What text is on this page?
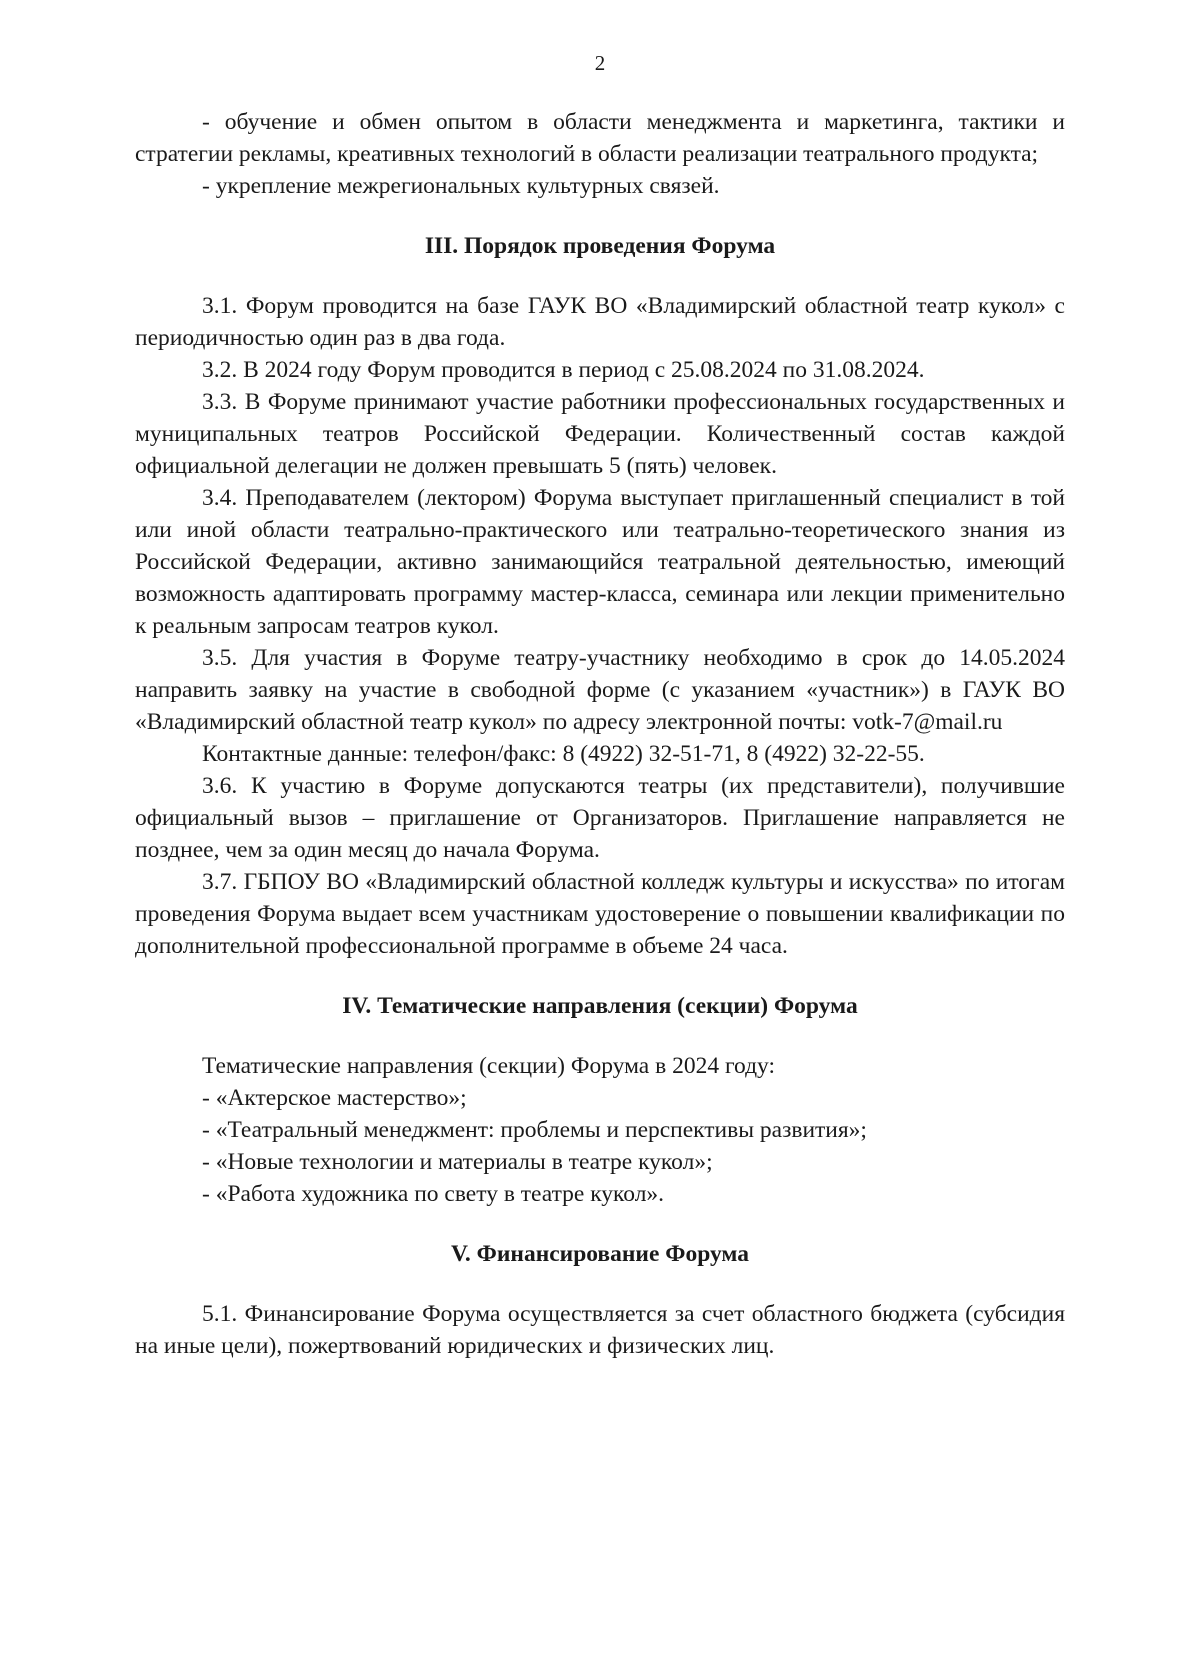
2

- обучение и обмен опытом в области менеджмента и маркетинга, тактики и стратегии рекламы, креативных технологий в области реализации театрального продукта;

- укрепление межрегиональных культурных связей.

III. Порядок проведения Форума

3.1. Форум проводится на базе ГАУК ВО «Владимирский областной театр кукол» с периодичностью один раз в два года.

3.2. В 2024 году Форум проводится в период с 25.08.2024 по 31.08.2024.

3.3. В Форуме принимают участие работники профессиональных государственных и муниципальных театров Российской Федерации. Количественный состав каждой официальной делегации не должен превышать 5 (пять) человек.

3.4. Преподавателем (лектором) Форума выступает приглашенный специалист в той или иной области театрально-практического или театрально-теоретического знания из Российской Федерации, активно занимающийся театральной деятельностью, имеющий возможность адаптировать программу мастер-класса, семинара или лекции применительно к реальным запросам театров кукол.

3.5. Для участия в Форуме театру-участнику необходимо в срок до 14.05.2024 направить заявку на участие в свободной форме (с указанием «участник») в ГАУК ВО «Владимирский областной театр кукол» по адресу электронной почты: votk-7@mail.ru

Контактные данные: телефон/факс: 8 (4922) 32-51-71, 8 (4922) 32-22-55.

3.6. К участию в Форуме допускаются театры (их представители), получившие официальный вызов – приглашение от Организаторов. Приглашение направляется не позднее, чем за один месяц до начала Форума.

3.7. ГБПОУ ВО «Владимирский областной колледж культуры и искусства» по итогам проведения Форума выдает всем участникам удостоверение о повышении квалификации по дополнительной профессиональной программе в объеме 24 часа.

IV. Тематические направления (секции) Форума

Тематические направления (секции) Форума в 2024 году:

- «Актерское мастерство»;

- «Театральный менеджмент: проблемы и перспективы развития»;

- «Новые технологии и материалы в театре кукол»;

- «Работа художника по свету в театре кукол».

V. Финансирование Форума

5.1. Финансирование Форума осуществляется за счет областного бюджета (субсидия на иные цели), пожертвований юридических и физических лиц.
